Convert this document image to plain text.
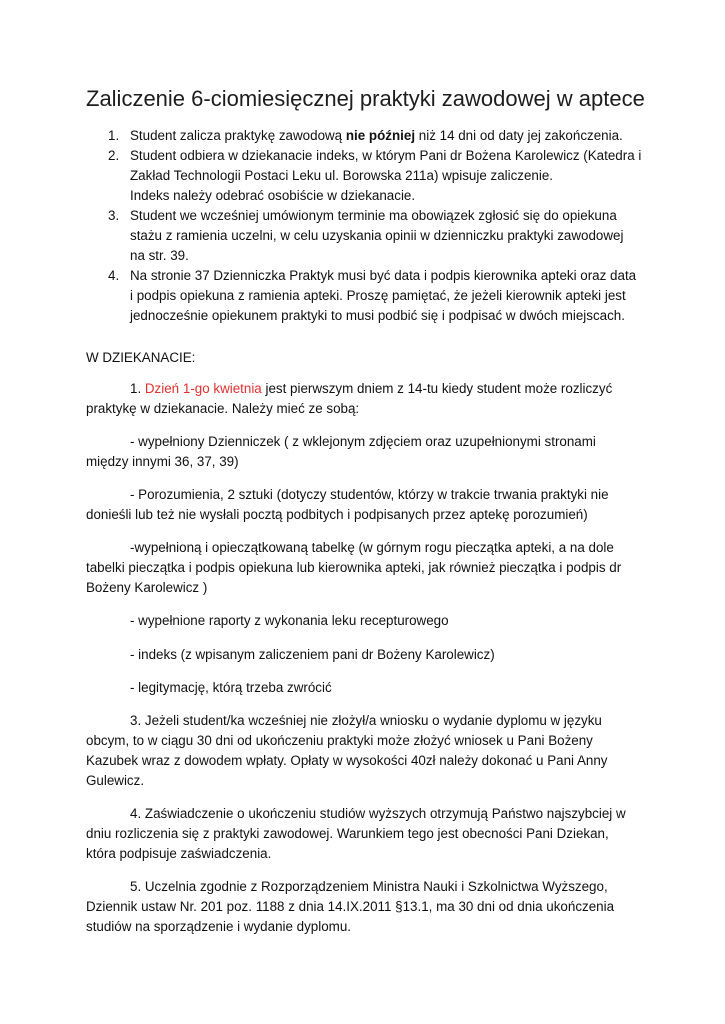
Zaliczenie 6-ciomiesięcznej praktyki zawodowej w aptece
1. Student zalicza praktykę zawodową nie później niż 14 dni od daty jej zakończenia.
2. Student odbiera w dziekanacie indeks, w którym Pani dr Bożena Karolewicz (Katedra i
Zakład Technologii Postaci Leku ul. Borowska 211a) wpisuje zaliczenie.
Indeks należy odebrać osobiście w dziekanacie.
3. Student we wcześniej umówionym terminie ma obowiązek zgłosić się do opiekuna
stażu z ramienia uczelni, w celu uzyskania opinii w dzienniczku praktyki zawodowej
na str. 39.
4. Na stronie 37 Dzienniczka Praktyk musi być data i podpis kierownika apteki oraz data
i podpis opiekuna z ramienia apteki. Proszę pamiętać, że jeżeli kierownik apteki jest
jednocześnie opiekunem praktyki to musi podbić się i podpisać w dwóch miejscach.
W DZIEKANACIE:
1. Dzień 1-go kwietnia jest pierwszym dniem z 14-tu kiedy student może rozliczyć
praktykę w dziekanacie. Należy mieć ze sobą:
- wypełniony Dzienniczek ( z wklejonym zdjęciem oraz uzupełnionymi stronami
między innymi 36, 37, 39)
- Porozumienia, 2 sztuki (dotyczy studentów, którzy w trakcie trwania praktyki nie
donieśli lub też nie wysłali pocztą podbitych i podpisanych przez aptekę porozumień)
-wypełnioną i opieczątkowaną tabelkę (w górnym rogu pieczątka apteki, a na dole
tabelki pieczątka i podpis opiekuna lub kierownika apteki, jak również pieczątka i podpis dr
Bożeny Karolewicz )
- wypełnione raporty z wykonania leku recepturowego
- indeks (z wpisanym zaliczeniem pani dr Bożeny Karolewicz)
- legitymację, którą trzeba zwrócić
3. Jeżeli student/ka wcześniej nie złożył/a wniosku o wydanie dyplomu w języku
obcym, to w ciągu 30 dni od ukończeniu praktyki może złożyć wniosek u Pani Bożeny
Kazubek wraz z dowodem wpłaty. Opłaty w wysokości 40zł należy dokonać u Pani Anny
Gulewicz.
4. Zaświadczenie o ukończeniu studiów wyższych otrzymują Państwo najszybciej w
dniu rozliczenia się z praktyki zawodowej. Warunkiem tego jest obecności Pani Dziekan,
która podpisuje zaświadczenia.
5. Uczelnia zgodnie z Rozporządzeniem Ministra Nauki i Szkolnictwa Wyższego,
Dziennik ustaw Nr. 201 poz. 1188 z dnia 14.IX.2011 §13.1, ma 30 dni od dnia ukończenia
studiów na sporządzenie i wydanie dyplomu.
